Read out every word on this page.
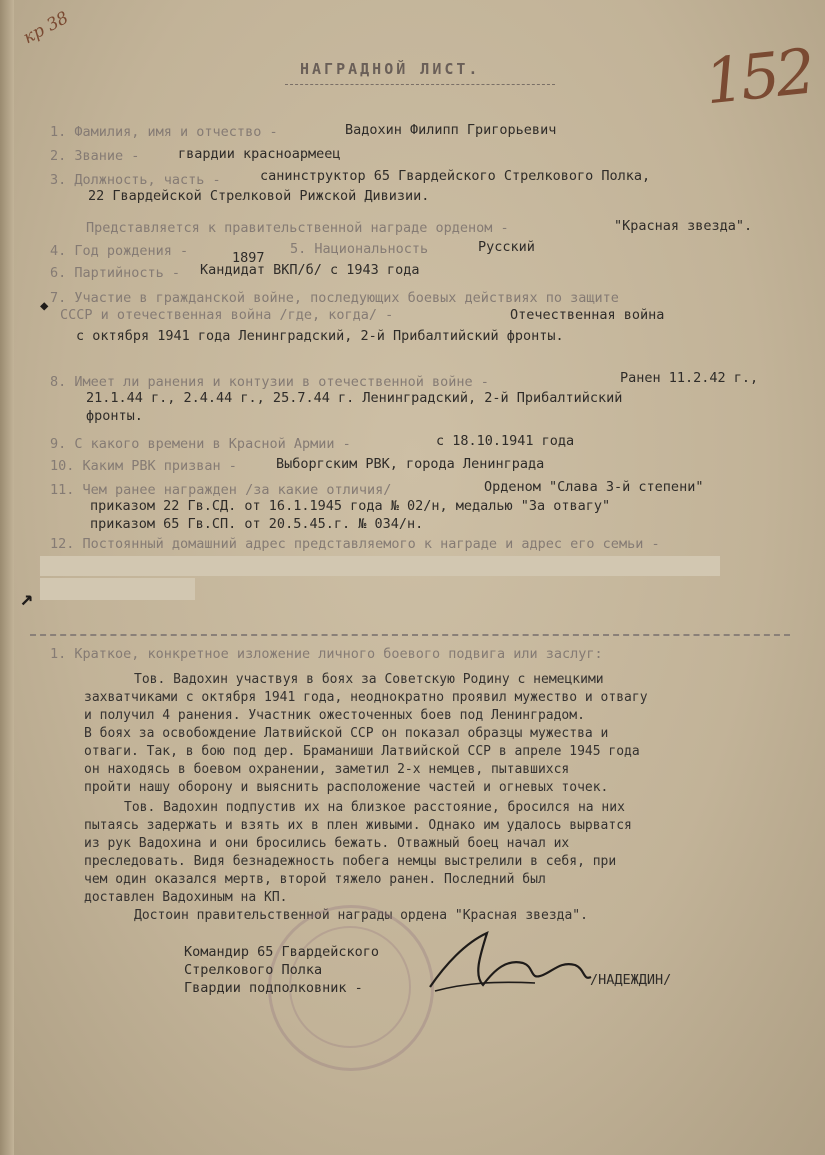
кр 38
152
НАГРАДНОЙ ЛИСТ.
1. Фамилия, имя и отчество -	Вадохин Филипп Григорьевич
2. Звание -	гвардии красноармеец
3. Должность, часть -	санинструктор 65 Гвардейского Стрелкового Полка,
22 Гвардейской Стрелковой Рижской Дивизии.
Представляется к правительственной награде орденом -	"Красная звезда".
4. Год рождения -	1897
5. Национальность	Русский
6. Партийность - Кандидат ВКП/б/ с 1943 года
7. Участие в гражданской войне, последующих боевых действиях по защите
СССР и отечественная война /где, когда/ -	Отечественная война
с октября 1941 года Ленинградский, 2-й Прибалтийский фронты.
8. Имеет ли ранения и контузии в отечественной войне -	Ранен 11.2.42 г.,
21.1.44 г., 2.4.44 г., 25.7.44 г. Ленинградский, 2-й Прибалтийский
фронты.
9. С какого времени в Красной Армии -	с 18.10.1941 года
10. Каким РВК призван -	Выборгским РВК, города Ленинграда
11. Чем ранее награжден /за какие отличия/	Орденом "Слава 3-й степени"
приказом 22 Гв.СД. от 16.1.1945 года № 02/н, медалью "За отвагу"
приказом 65 Гв.СП. от 20.5.45.г. № 034/н.
12. Постоянный домашний адрес представляемого к награде и адрес его семьи -
↗
◆
1. Краткое, конкретное изложение личного боевого подвига или заслуг:
Тов. Вадохин участвуя в боях за Советскую Родину с немецкими
захватчиками с октября 1941 года, неоднократно проявил мужество и отвагу
и получил 4 ранения. Участник ожесточенных боев под Ленинградом.
В боях за освобождение Латвийской ССР он показал образцы мужества и
отваги. Так, в бою под дер. Браманиши Латвийской ССР в апреле 1945 года
он находясь в боевом охранении, заметил 2-х немцев, пытавшихся
пройти нашу оборону и выяснить расположение частей и огневых точек.
Тов. Вадохин подпустив их на близкое расстояние, бросился на них
пытаясь задержать и взять их в плен живыми. Однако им удалось вырватся
из рук Вадохина и они бросились бежать. Отважный боец начал их
преследовать. Видя безнадежность побега немцы выстрелили в себя, при
чем один оказался мертв, второй тяжело ранен. Последний был
доставлен Вадохиным на КП.
Достоин правительственной награды ордена "Красная звезда".
Командир 65 Гвардейского
Стрелкового Полка
Гвардии подполковник -	/НАДЕЖДИН/
